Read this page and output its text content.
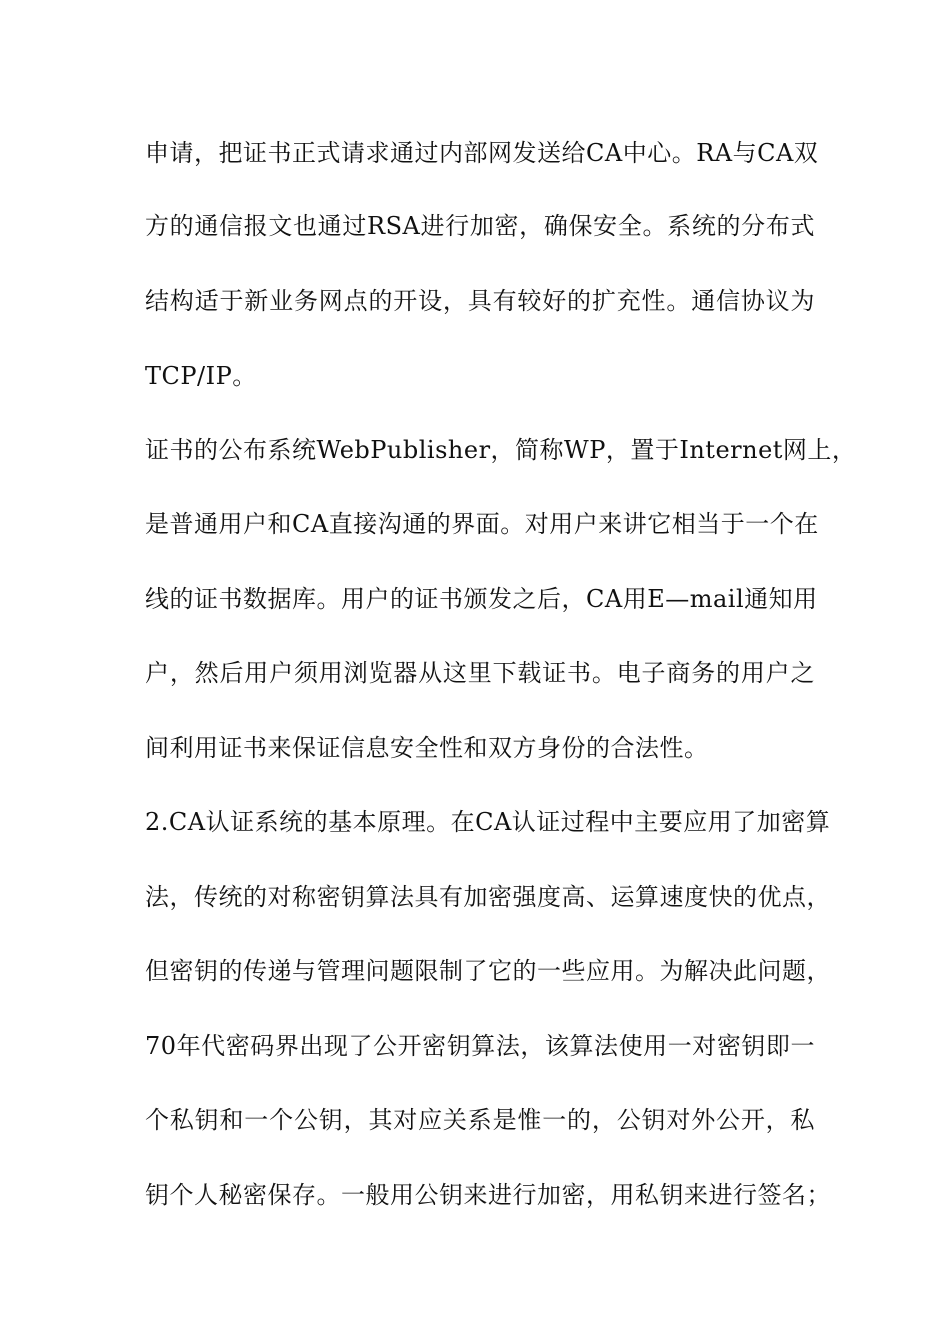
申请，把证书正式请求通过内部网发送给CA中心。RA与CA双
方的通信报文也通过RSA进行加密，确保安全。系统的分布式
结构适于新业务网点的开设，具有较好的扩充性。通信协议为
TCP/IP。
证书的公布系统WebPublisher，简称WP，置于Internet网上，
是普通用户和CA直接沟通的界面。对用户来讲它相当于一个在
线的证书数据库。用户的证书颁发之后，CA用E—mail通知用
户，然后用户须用浏览器从这里下载证书。电子商务的用户之
间利用证书来保证信息安全性和双方身份的合法性。
2.CA认证系统的基本原理。在CA认证过程中主要应用了加密算
法，传统的对称密钥算法具有加密强度高、运算速度快的优点，
但密钥的传递与管理问题限制了它的一些应用。为解决此问题，
70年代密码界出现了公开密钥算法，该算法使用一对密钥即一
个私钥和一个公钥，其对应关系是惟一的，公钥对外公开，私
钥个人秘密保存。一般用公钥来进行加密，用私钥来进行签名；
